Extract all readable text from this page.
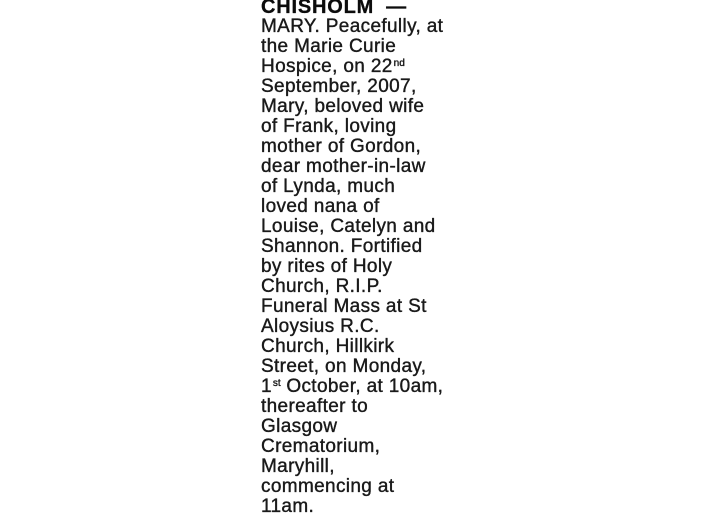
CHISHOLM —
MARY. Peacefully, at
the Marie Curie
Hospice, on 22nd
September, 2007,
Mary, beloved wife
of Frank, loving
mother of Gordon,
dear mother-in-law
of Lynda, much
loved nana of
Louise, Catelyn and
Shannon. Fortified
by rites of Holy
Church, R.I.P.
Funeral Mass at St
Aloysius R.C.
Church, Hillkirk
Street, on Monday,
1st October, at 10am,
thereafter to
Glasgow
Crematorium,
Maryhill,
commencing at
11am.
